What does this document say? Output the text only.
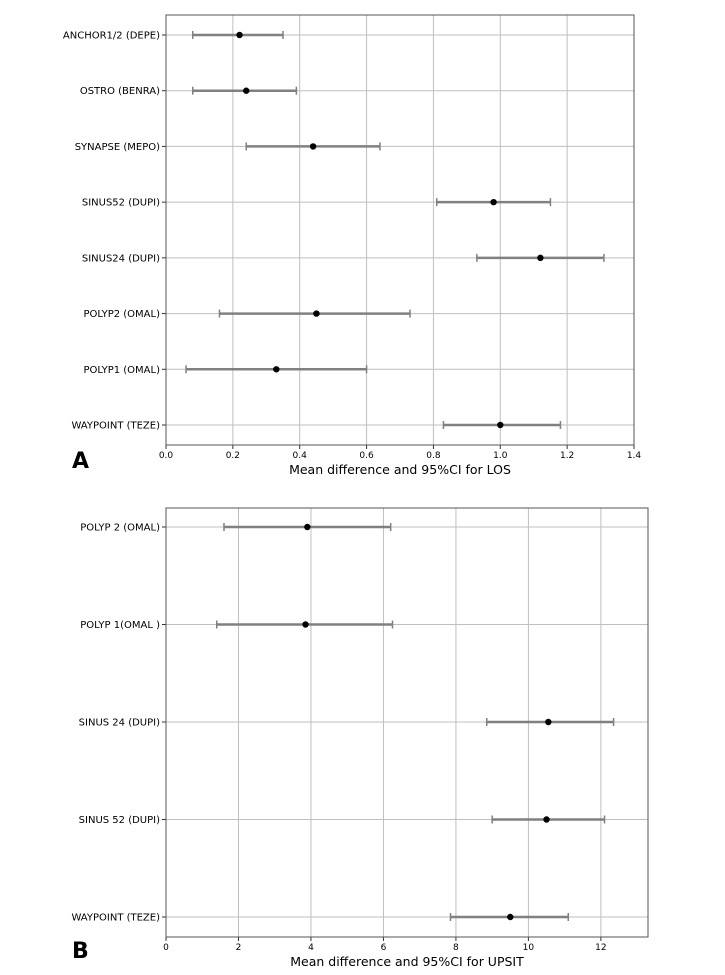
0.0	0.2	0.4	0.6	0.8	1.0	1.2	1.4
ANCHOR1/2 (DEPE)
OSTRO (BENRA)
SYNAPSE (MEPO)
SINUS52 (DUPI)
SINUS24 (DUPI)
POLYP2 (OMAL)
POLYP1 (OMAL)
WAYPOINT (TEZE)
Mean difference and 95%CI for LOS
A
0	2	4	6	8	10	12
POLYP 2 (OMAL)
POLYP 1(OMAL )
SINUS 24 (DUPI)
SINUS 52 (DUPI)
WAYPOINT (TEZE)
Mean difference and 95%CI for UPSIT
B
